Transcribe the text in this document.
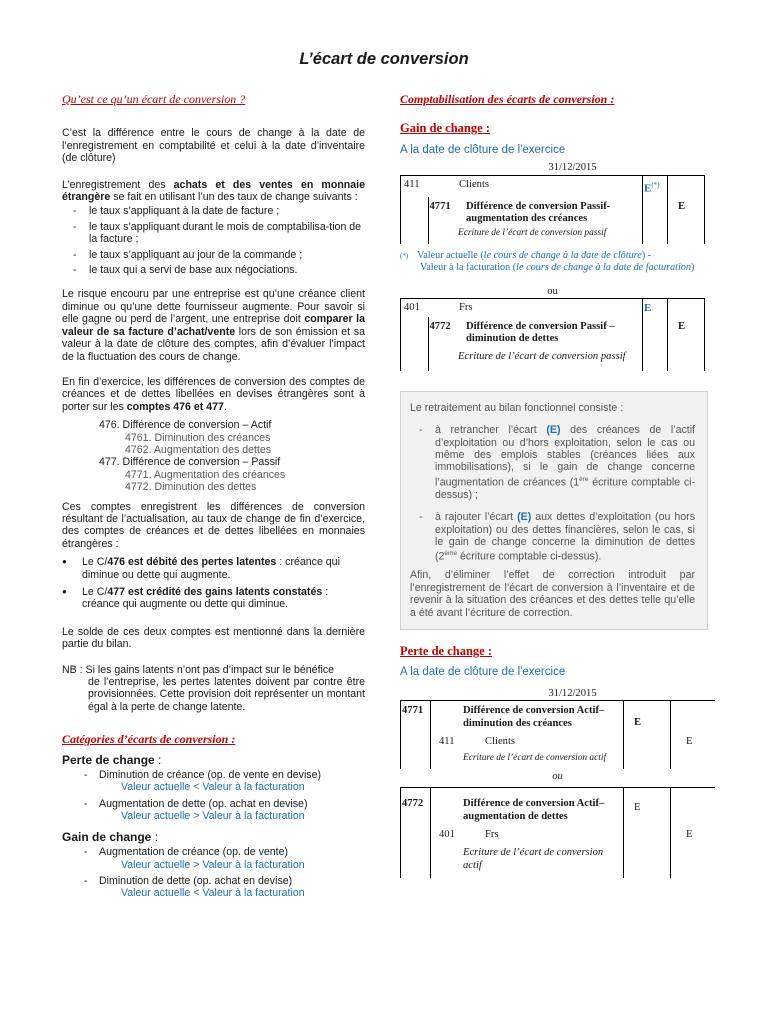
L’écart de conversion
Qu’est ce qu’un écart de conversion ?

C’est la différence entre le cours de change à la date de l’enregistrement en comptabilité et celui à la date d’inventaire (de clôture)

L’enregistrement des achats et des ventes en monnaie étrangère se fait en utilisant l’un des taux de change suivants :

- le taux s’appliquant à la date de facture ;
- le taux s’appliquant durant le mois de comptabilisa-tion de la facture ;
- le taux s’appliquant au jour de la commande ;
- le taux qui a servi de base aux négociations.

Le risque encouru par une entreprise est qu’une créance client diminue ou qu’une dette fournisseur augmente. Pour savoir si elle gagne ou perd de l’argent, une entreprise doit comparer la valeur de sa facture d’achat/vente lors de son émission et sa valeur à la date de clôture des comptes, afin d’évaluer l’impact de la fluctuation des cours de change.

En fin d’exercice, les différences de conversion des comptes de créances et de dettes libellées en devises étrangères sont à porter sur les comptes 476 et 477.

476. Différence de conversion – Actif
4761. Diminution des créances
4762. Augmentation des dettes
477. Différence de conversion – Passif
4771. Augmentation des créances
4772. Diminution des dettes

Ces comptes enregistrent les différences de conversion résultant de l’actualisation, au taux de change de fin d’exercice, des comptes de créances et de dettes libellées en monnaies étrangères :

● Le C/476 est débité des pertes latentes : créance qui diminue ou dette qui augmente.
● Le C/477 est crédité des gains latents constatés : créance qui augmente ou dette qui diminue.

Le solde de ces deux comptes est mentionné dans la dernière partie du bilan.

NB : Si les gains latents n’ont pas d’impact sur le bénéfice

de l’entreprise, les pertes latentes doivent par contre être provisionnées. Cette provision doit représenter un montant égal à la perte de change latente.

Catégories d’écarts de conversion :
Perte de change :
- Diminution de créance (op. de vente en devise)
Valeur actuelle < Valeur à la facturation
- Augmentation de dette (op. achat en devise)
Valeur actuelle > Valeur à la facturation
Gain de change :
- Augmentation de créance (op. de vente)
Valeur actuelle > Valeur à la facturation
- Diminution de dette (op. achat en devise)
Valeur actuelle < Valeur à la facturation
Comptabilisation des écarts de conversion :
Gain de change :
A la date de clôture de l'exercice
31/12/2015
411		Clients	E(*)	
	4771	Différence de conversion Passif- augmentation des créances		E
		Ecriture de l’écart de conversion passif		
(*) Valeur actuelle (le cours de change à la date de clôture) -
Valeur à la facturation (le cours de change à la date de facturation)
ou
401		Frs	E	
	4772	Différence de conversion Passif – diminution de dettes		E
		Ecriture de l’écart de conversion passif		
Le retraitement au bilan fonctionnel consiste :
- à retrancher l’écart (E) des créances de l’actif d’exploitation ou d’hors exploitation, selon le cas ou même des emplois stables (créances liées aux immobilisations), si le gain de change concerne l’augmentation de créances (1ère écriture comptable ci-dessus) ;
- à rajouter l’écart (E) aux dettes d’exploitation (ou hors exploitation) ou des dettes financières, selon le cas, si le gain de change concerne la diminution de dettes (2ème écriture comptable ci-dessus).

Afin, d’éliminer l’effet de correction introduit par l’enregistrement de l’écart de conversion à l’inventaire et de revenir à la situation des créances et des dettes telle qu’elle a été avant l’écriture de correction.

Perte de change :
A la date de clôture de l'exercice
31/12/2015
4771		Différence de conversion Actif– diminution des créances	E	
	411	Clients		E
		Ecriture de l’écart de conversion actif		
ou
4772		Différence de conversion Actif– augmentation de dettes	E	
	401	Frs		E
		Ecriture de l’écart de conversion actif		
